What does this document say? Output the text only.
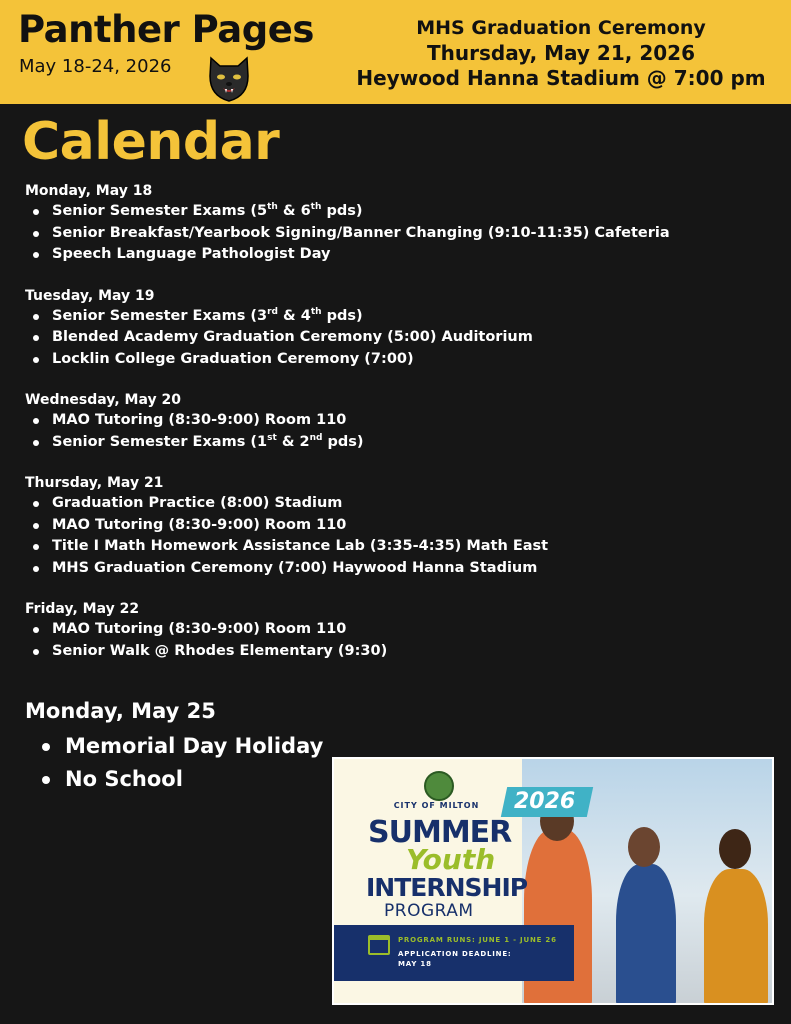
Panther Pages
May 18-24, 2026
MHS Graduation Ceremony
Thursday, May 21, 2026
Heywood Hanna Stadium @ 7:00 pm
Calendar
Monday, May 18
Senior Semester Exams (5th & 6th pds)
Senior Breakfast/Yearbook Signing/Banner Changing (9:10-11:35) Cafeteria
Speech Language Pathologist Day
Tuesday, May 19
Senior Semester Exams (3rd & 4th pds)
Blended Academy Graduation Ceremony (5:00) Auditorium
Locklin College Graduation Ceremony (7:00)
Wednesday, May 20
MAO Tutoring (8:30-9:00) Room 110
Senior Semester Exams (1st & 2nd pds)
Thursday, May 21
Graduation Practice (8:00) Stadium
MAO Tutoring (8:30-9:00) Room 110
Title I Math Homework Assistance Lab (3:35-4:35) Math East
MHS Graduation Ceremony (7:00) Haywood Hanna Stadium
Friday, May 22
MAO Tutoring (8:30-9:00) Room 110
Senior Walk @ Rhodes Elementary (9:30)
Monday, May 25
Memorial Day Holiday
No School
CITY OF MILTON	2026
SUMMER
Youth
INTERNSHIP
PROGRAM
PROGRAM RUNS: JUNE 1 - JUNE 26
APPLICATION DEADLINE:
MAY 18
